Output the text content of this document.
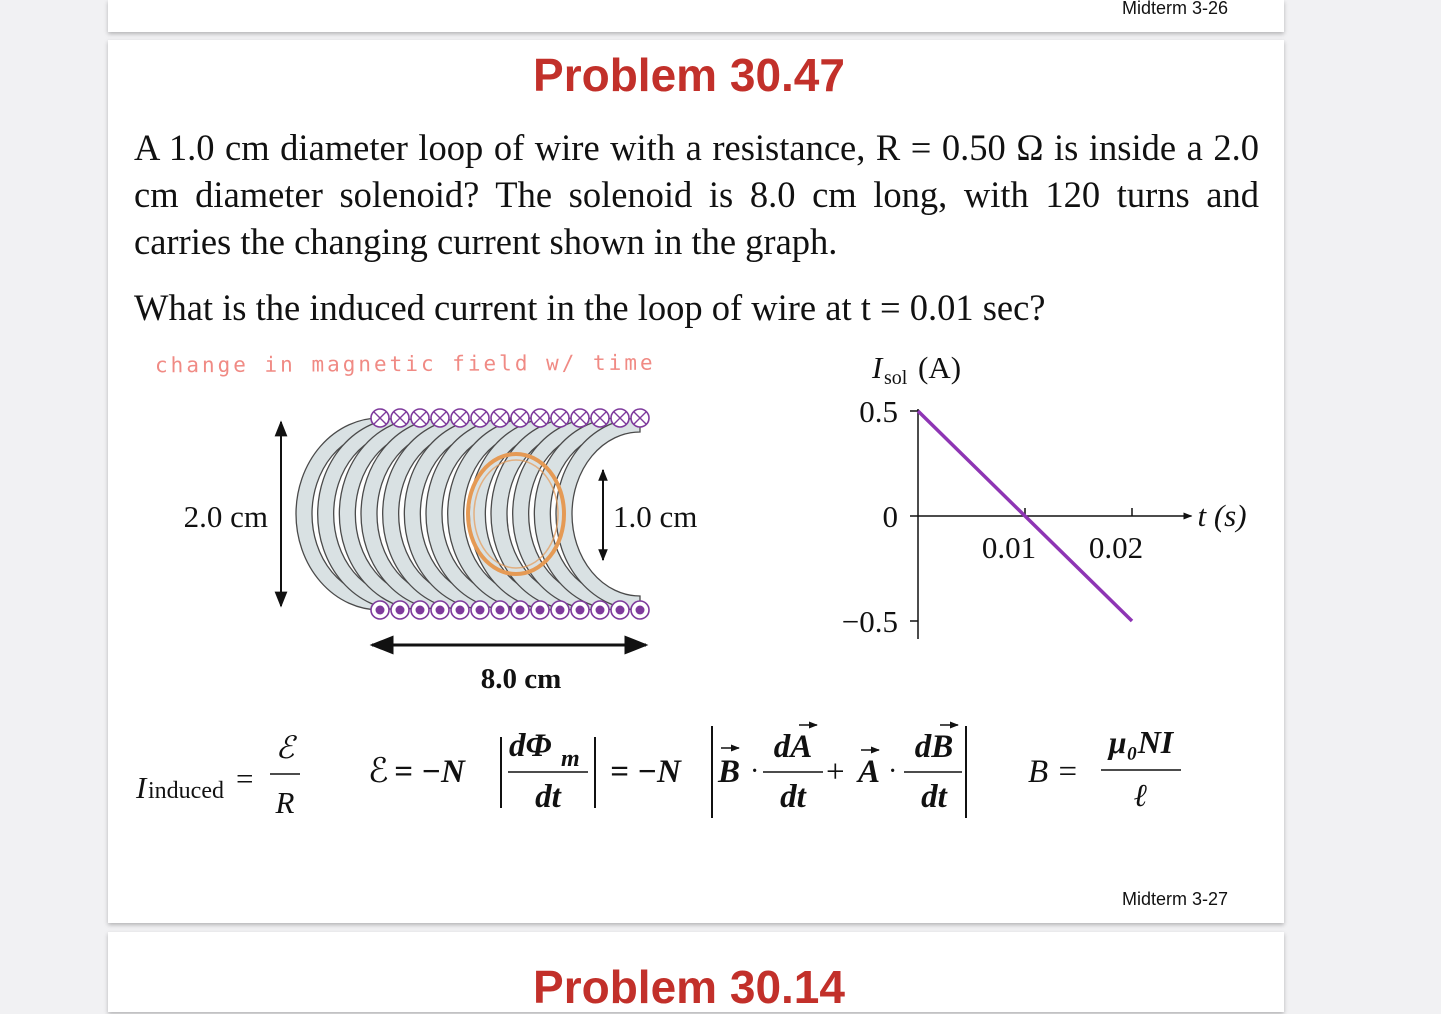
Midterm 3-26
Problem 30.47

A 1.0 cm diameter loop of wire with a resistance, R = 0.50 Ω is inside a 2.0 cm diameter solenoid? The solenoid is 8.0 cm long, with 120 turns and carries the changing current shown in the graph.

What is the induced current in the loop of wire at t = 0.01 sec?

change in magnetic field w/ time
Midterm 3-27
Problem 30.14
2.0 cm	1.0 cm
8.0 cm
I sol (A)
t (s)
0.5
0
−0.5
0.01 0.02
I induced =
ℰ
R
ℰ = −N
dΦ m
dt
= −N B ·
dA
dt
+ A ·
dB
dt
B =
μ₀NI
ℓ
